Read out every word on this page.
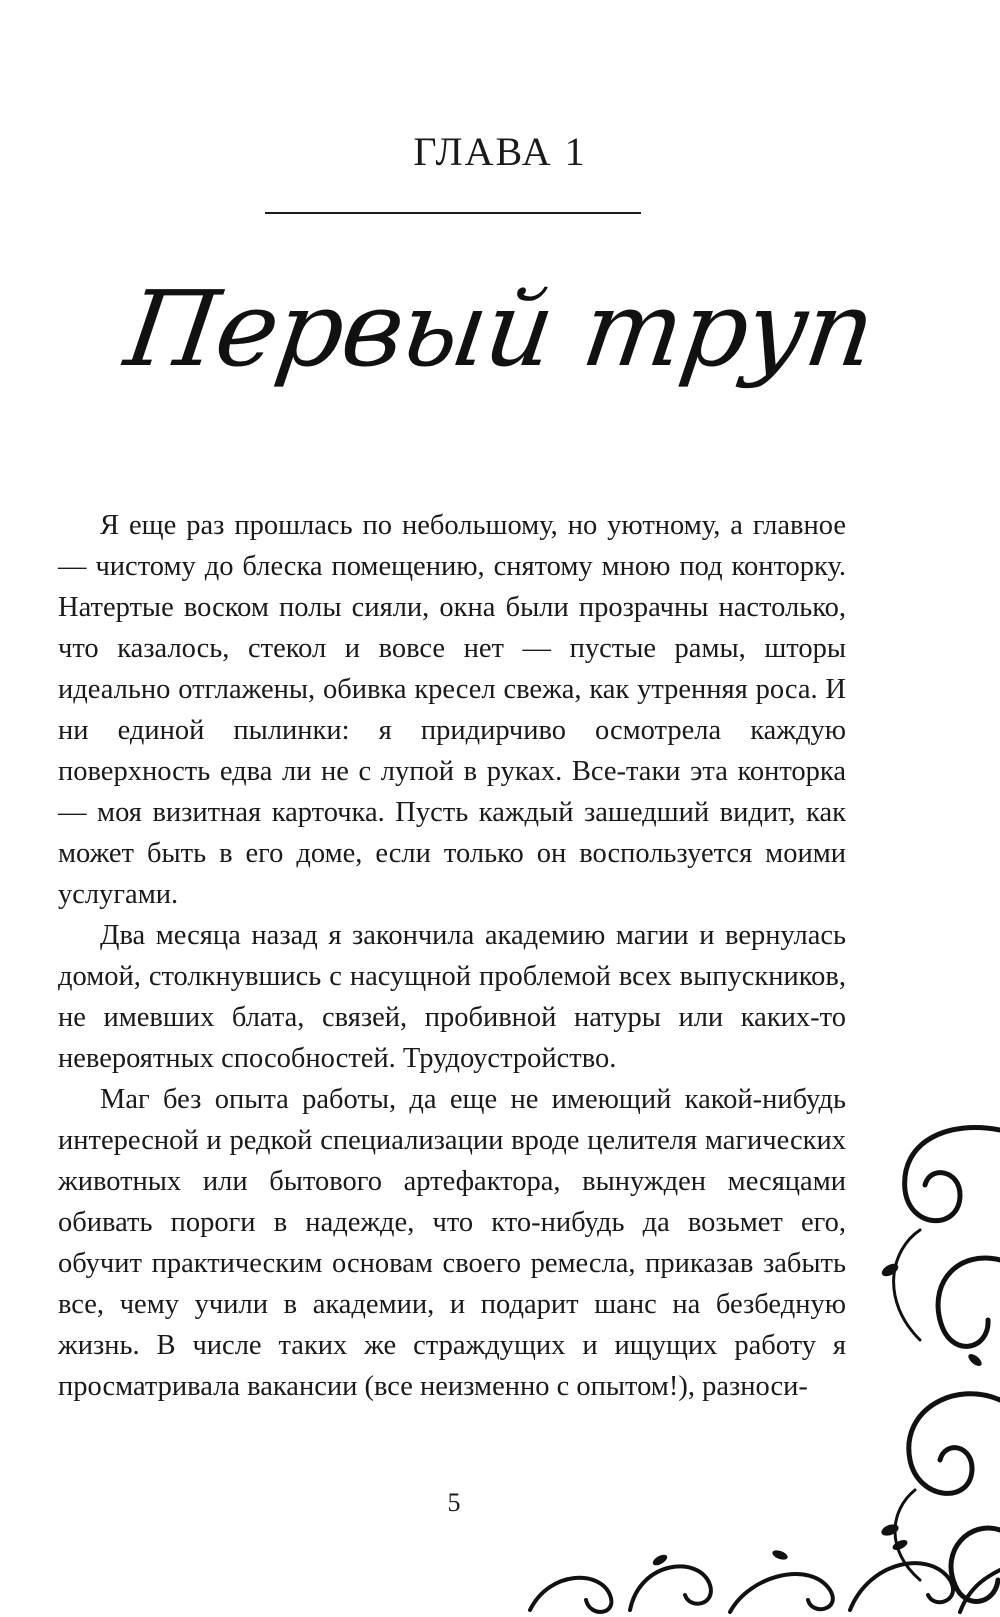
ГЛАВА 1
Первый труп

Я еще раз прошлась по небольшому, но уютному, а главное — чистому до блеска помещению, снятому мною под конторку. Натертые воском полы сияли, окна были прозрачны настолько, что казалось, стекол и вовсе нет — пустые рамы, шторы идеально отглажены, обивка кресел свежа, как утренняя роса. И ни единой пылинки: я придирчиво осмотрела каждую поверхность едва ли не с лупой в руках. Все-таки эта конторка — моя визитная карточка. Пусть каждый зашедший видит, как может быть в его доме, если только он воспользуется моими услугами.

Два месяца назад я закончила академию магии и вернулась домой, столкнувшись с насущной проблемой всех выпускников, не имевших блата, связей, пробивной натуры или каких-то невероятных способностей. Трудоустройство.

Маг без опыта работы, да еще не имеющий какой-нибудь интересной и редкой специализации вроде целителя магических животных или бытового артефактора, вынужден месяцами обивать пороги в надежде, что кто-нибудь да возьмет его, обучит практическим основам своего ремесла, приказав забыть все, чему учили в академии, и подарит шанс на безбедную жизнь. В числе таких же страждущих и ищущих работу я просматривала вакансии (все неизменно с опытом!), разноси-

5
